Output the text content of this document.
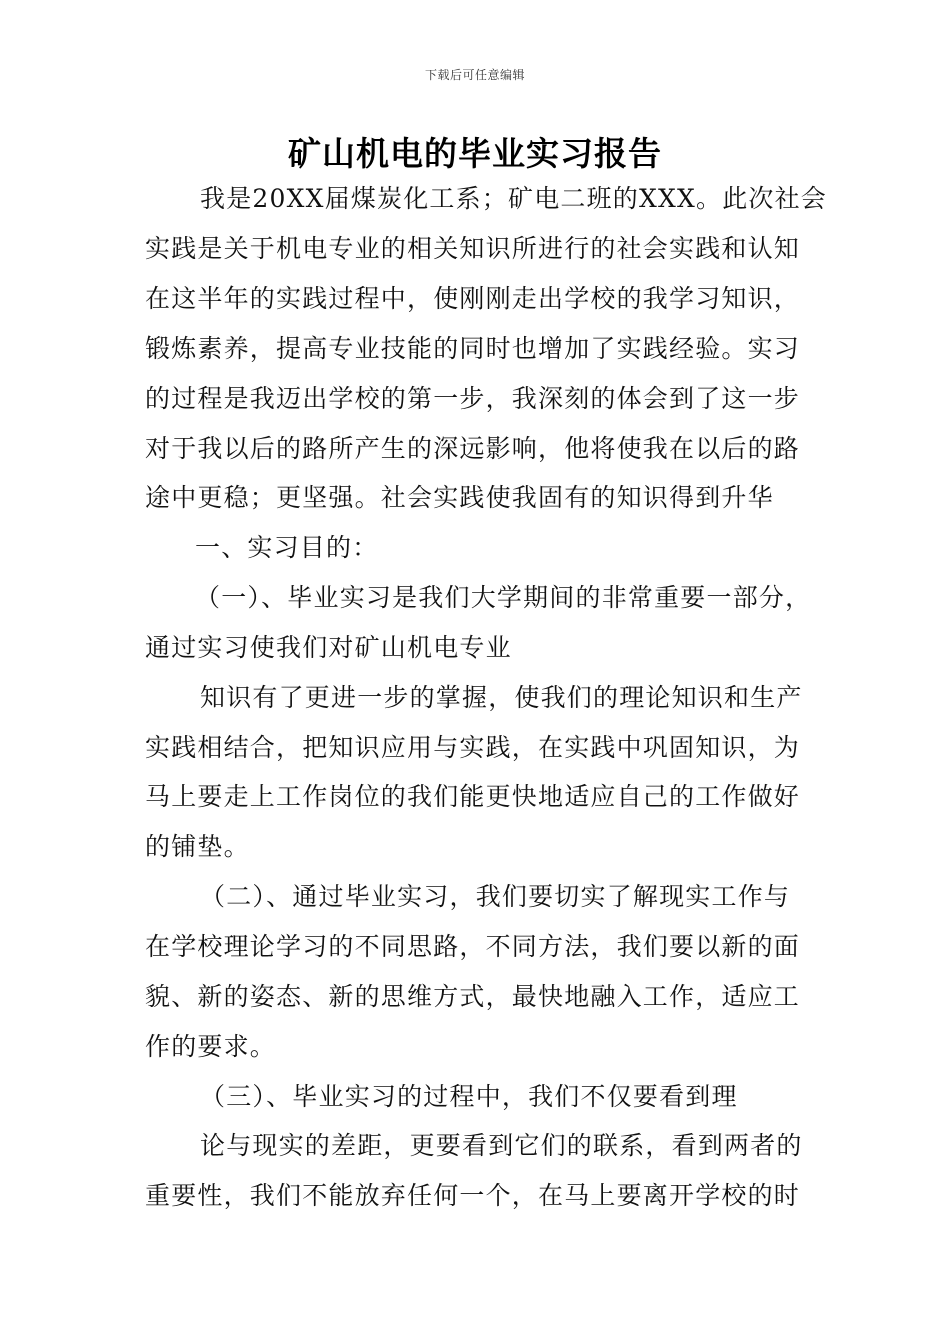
下载后可任意编辑
矿山机电的毕业实习报告
我是20XX届煤炭化工系；矿电二班的XXX。此次社会
实践是关于机电专业的相关知识所进行的社会实践和认知
在这半年的实践过程中，使刚刚走出学校的我学习知识，
锻炼素养，提高专业技能的同时也增加了实践经验。实习
的过程是我迈出学校的第一步，我深刻的体会到了这一步
对于我以后的路所产生的深远影响，他将使我在以后的路
途中更稳；更坚强。社会实践使我固有的知识得到升华
一、实习目的：
（一）、毕业实习是我们大学期间的非常重要一部分，
通过实习使我们对矿山机电专业
知识有了更进一步的掌握，使我们的理论知识和生产
实践相结合，把知识应用与实践，在实践中巩固知识，为
马上要走上工作岗位的我们能更快地适应自己的工作做好
的铺垫。
（二）、通过毕业实习，我们要切实了解现实工作与
在学校理论学习的不同思路，不同方法，我们要以新的面
貌、新的姿态、新的思维方式，最快地融入工作，适应工
作的要求。
（三）、毕业实习的过程中，我们不仅要看到理
论与现实的差距，更要看到它们的联系，看到两者的
重要性，我们不能放弃任何一个，在马上要离开学校的时
